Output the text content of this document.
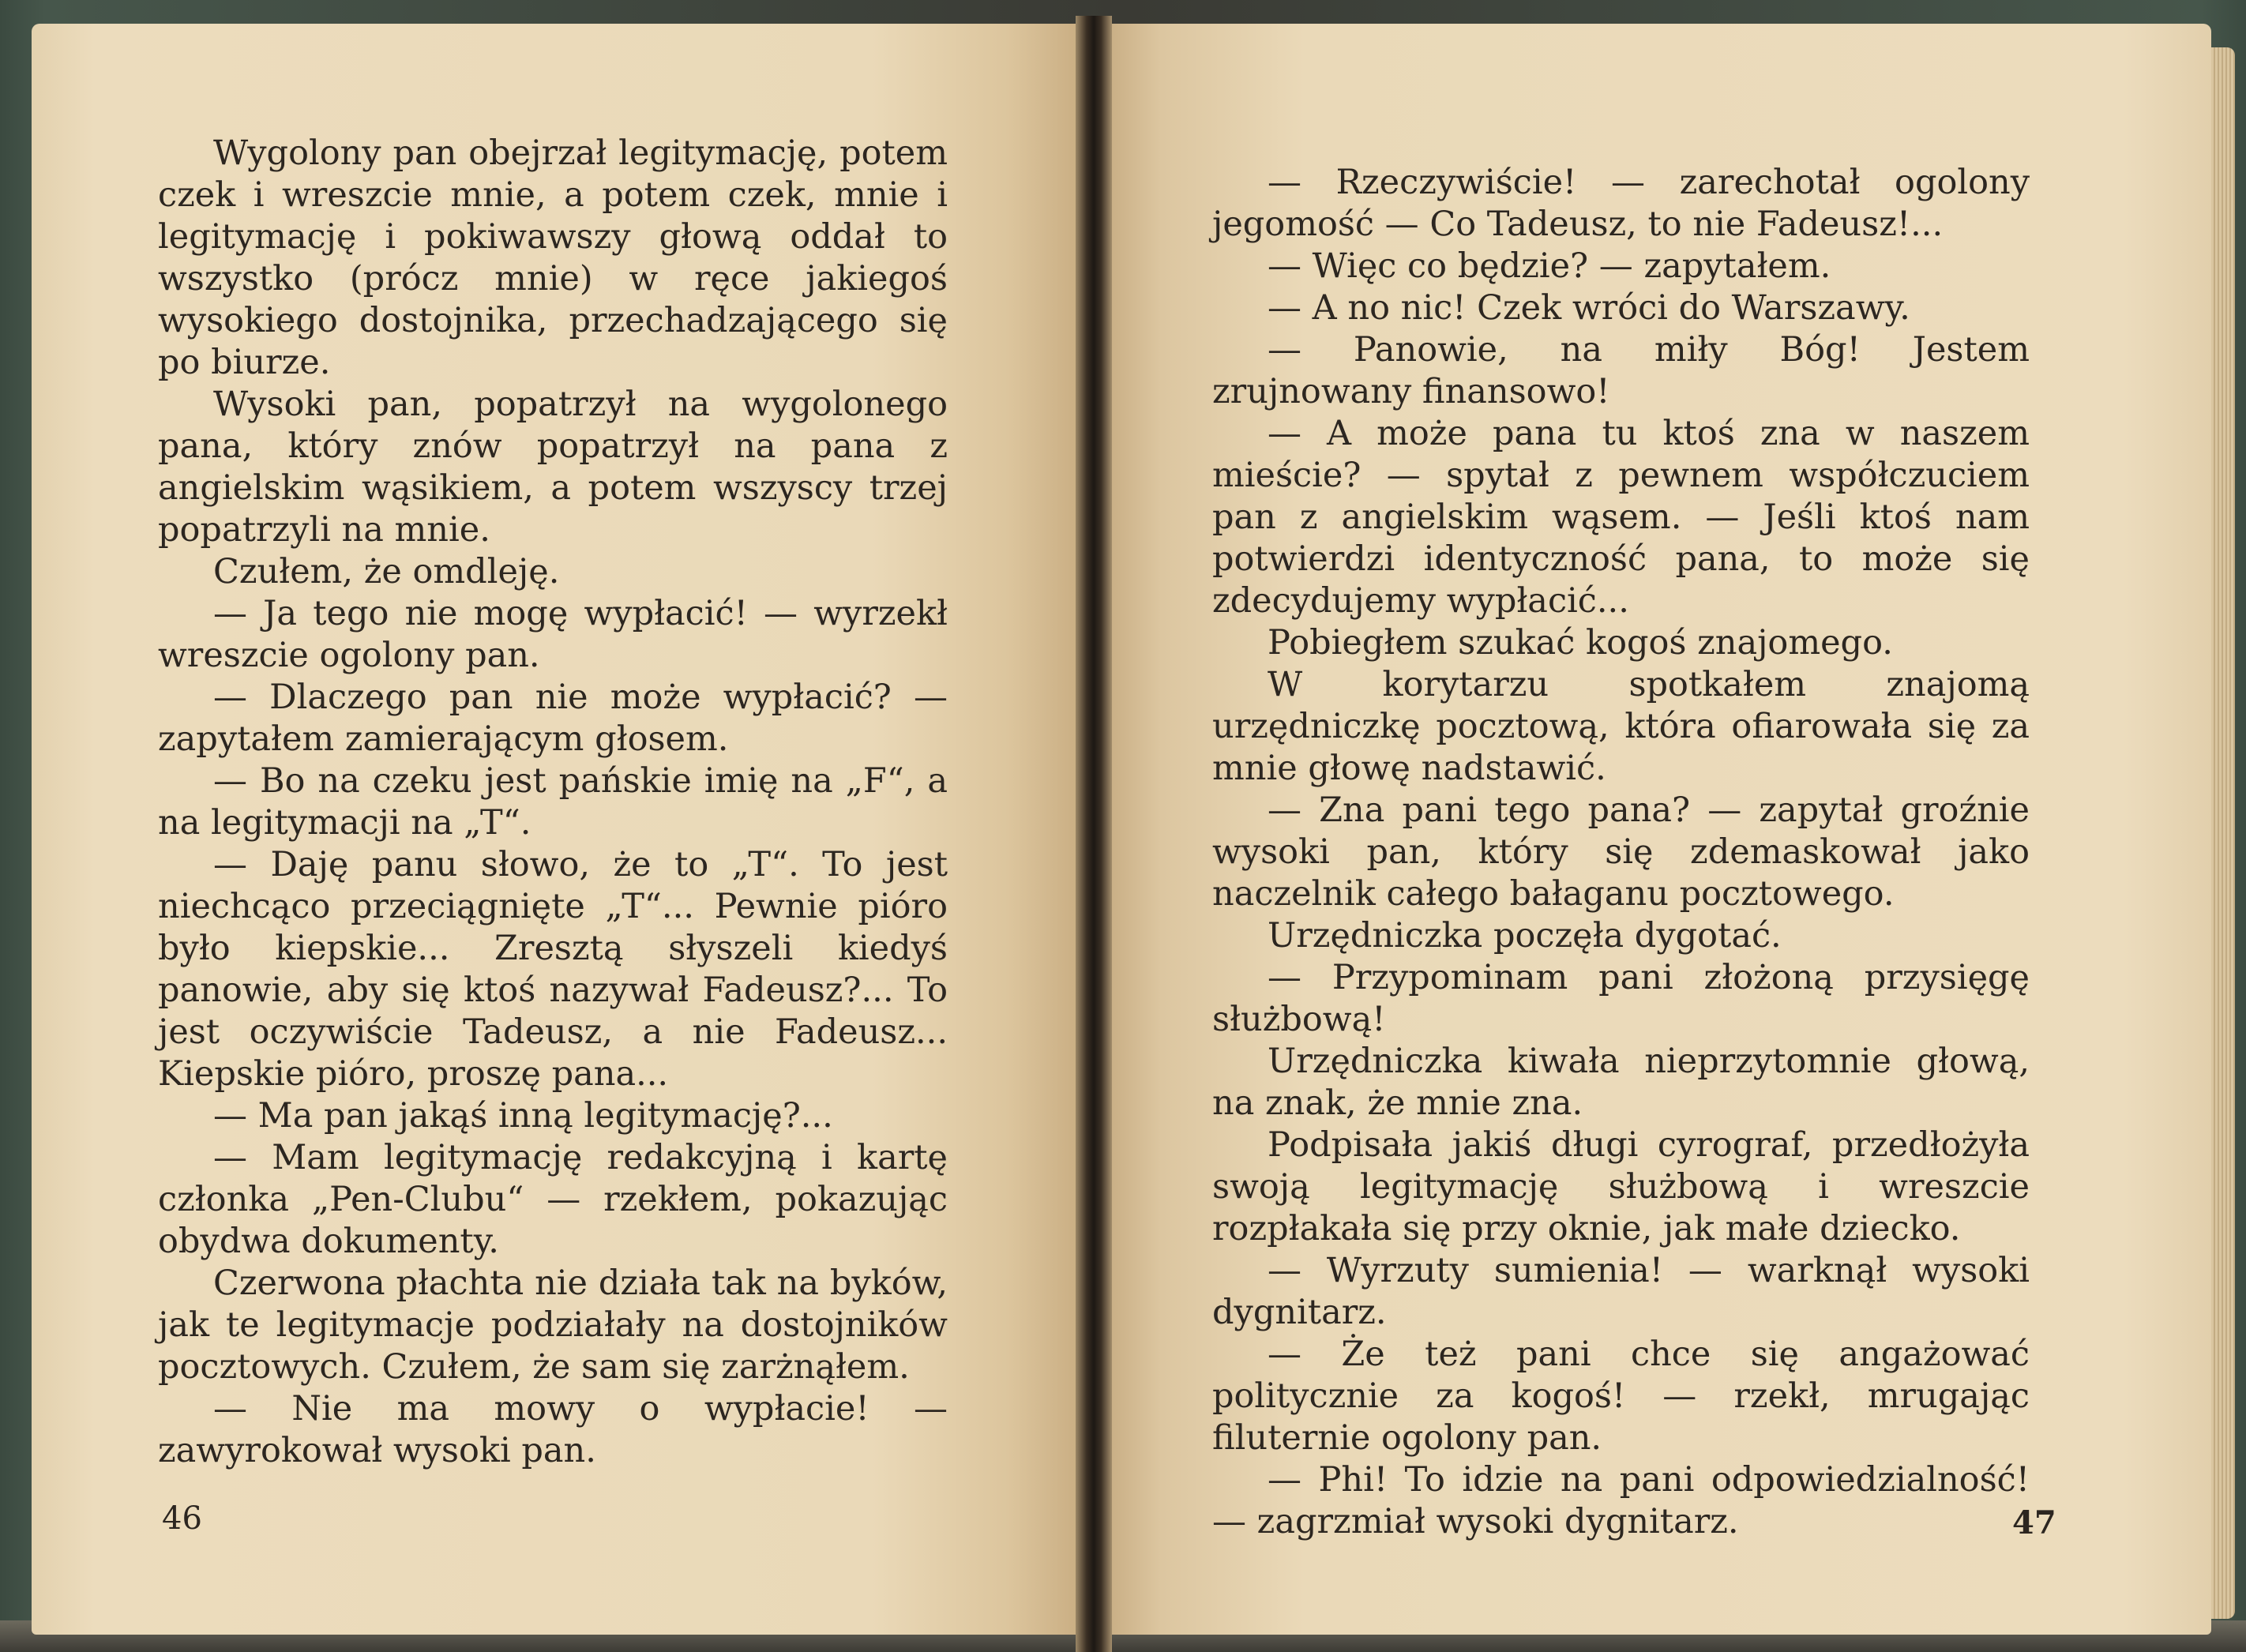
Wygolony pan obejrzał legitymację, potem czek i wreszcie mnie, a potem czek, mnie i legitymację i pokiwawszy głową oddał to wszystko (prócz mnie) w ręce jakiegoś wysokiego dostojnika, przechadzającego się po biurze.

Wysoki pan, popatrzył na wygolonego pana, który znów popatrzył na pana z angielskim wąsikiem, a potem wszyscy trzej popatrzyli na mnie.

Czułem, że omdleję.

— Ja tego nie mogę wypłacić! — wyrzekł wreszcie ogolony pan.

— Dlaczego pan nie może wypłacić? — zapytałem zamierającym głosem.

— Bo na czeku jest pańskie imię na „F“, a na legitymacji na „T“.

— Daję panu słowo, że to „T“. To jest niechcąco przeciągnięte „T“... Pewnie pióro było kiepskie... Zresztą słyszeli kiedyś panowie, aby się ktoś nazywał Fadeusz?... To jest oczywiście Tadeusz, a nie Fadeusz... Kiepskie pióro, proszę pana...

— Ma pan jakąś inną legitymację?...

— Mam legitymację redakcyjną i kartę członka „Pen-Clubu“ — rzekłem, pokazując obydwa dokumenty.

Czerwona płachta nie działa tak na byków, jak te legitymacje podziałały na dostojników pocztowych. Czułem, że sam się zarżnąłem.

— Nie ma mowy o wypłacie! — zawyrokował wysoki pan.

46

— Rzeczywiście! — zarechotał ogolony jegomość — Co Tadeusz, to nie Fadeusz!...

— Więc co będzie? — zapytałem.

— A no nic! Czek wróci do Warszawy.

— Panowie, na miły Bóg! Jestem zrujnowany finansowo!

— A może pana tu ktoś zna w naszem mieście? — spytał z pewnem współczuciem pan z angielskim wąsem. — Jeśli ktoś nam potwierdzi identyczność pana, to może się zdecydujemy wypłacić...

Pobiegłem szukać kogoś znajomego.

W korytarzu spotkałem znajomą urzędniczkę pocztową, która ofiarowała się za mnie głowę nadstawić.

— Zna pani tego pana? — zapytał groźnie wysoki pan, który się zdemaskował jako naczelnik całego bałaganu pocztowego.

Urzędniczka poczęła dygotać.

— Przypominam pani złożoną przysięgę służbową!

Urzędniczka kiwała nieprzytomnie głową, na znak, że mnie zna.

Podpisała jakiś długi cyrograf, przedłożyła swoją legitymację służbową i wreszcie rozpłakała się przy oknie, jak małe dziecko.

— Wyrzuty sumienia! — warknął wysoki dygnitarz.

— Że też pani chce się angażować politycznie za kogoś! — rzekł, mrugając filuternie ogolony pan.

— Phi! To idzie na pani odpowiedzialność! — zagrzmiał wysoki dygnitarz.	47
